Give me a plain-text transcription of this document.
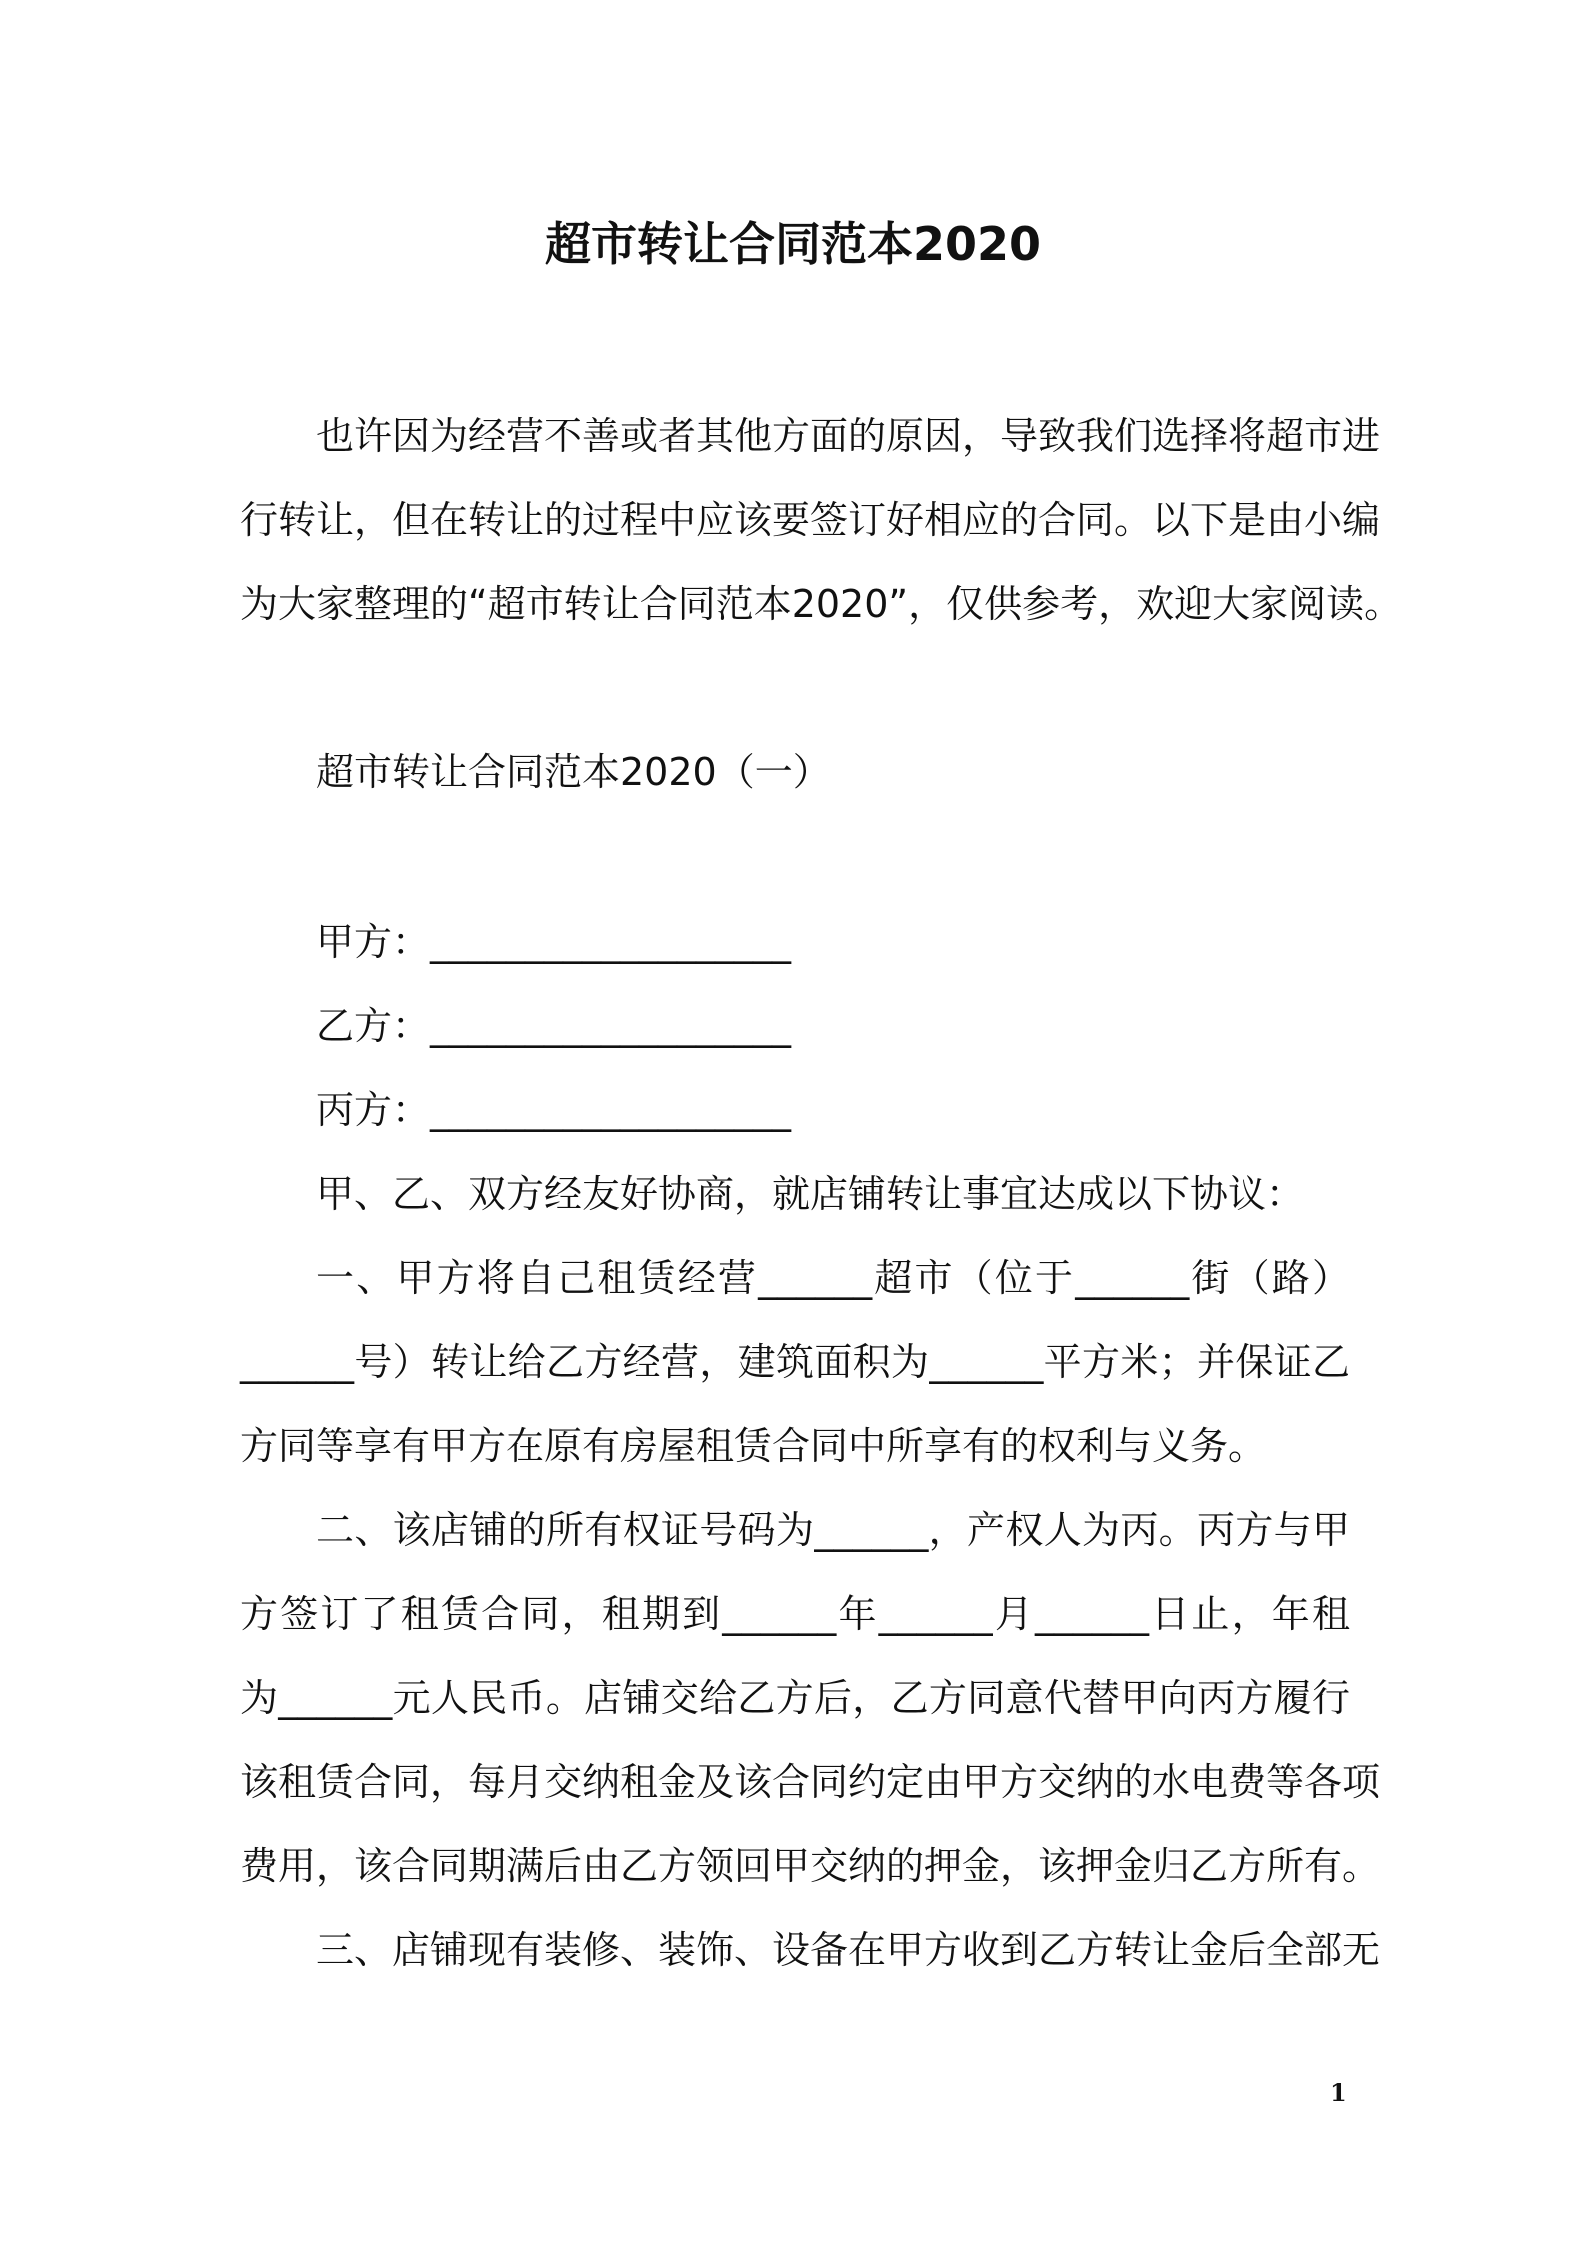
超市转让合同范本2020
也许因为经营不善或者其他方面的原因，导致我们选择将超市进
行转让，但在转让的过程中应该要签订好相应的合同。以下是由小编
为大家整理的“超市转让合同范本2020”，仅供参考，欢迎大家阅读。
超市转让合同范本2020（一）
甲方：___________________
乙方：___________________
丙方：___________________
甲、乙、双方经友好协商，就店铺转让事宜达成以下协议：
一、甲方将自己租赁经营______超市（位于______街（路）
______号）转让给乙方经营，建筑面积为______平方米；并保证乙
方同等享有甲方在原有房屋租赁合同中所享有的权利与义务。
二、该店铺的所有权证号码为______，产权人为丙。丙方与甲
方签订了租赁合同，租期到______年______月______日止，年租
为______元人民币。店铺交给乙方后，乙方同意代替甲向丙方履行
该租赁合同，每月交纳租金及该合同约定由甲方交纳的水电费等各项
费用，该合同期满后由乙方领回甲交纳的押金，该押金归乙方所有。
三、店铺现有装修、装饰、设备在甲方收到乙方转让金后全部无
1
